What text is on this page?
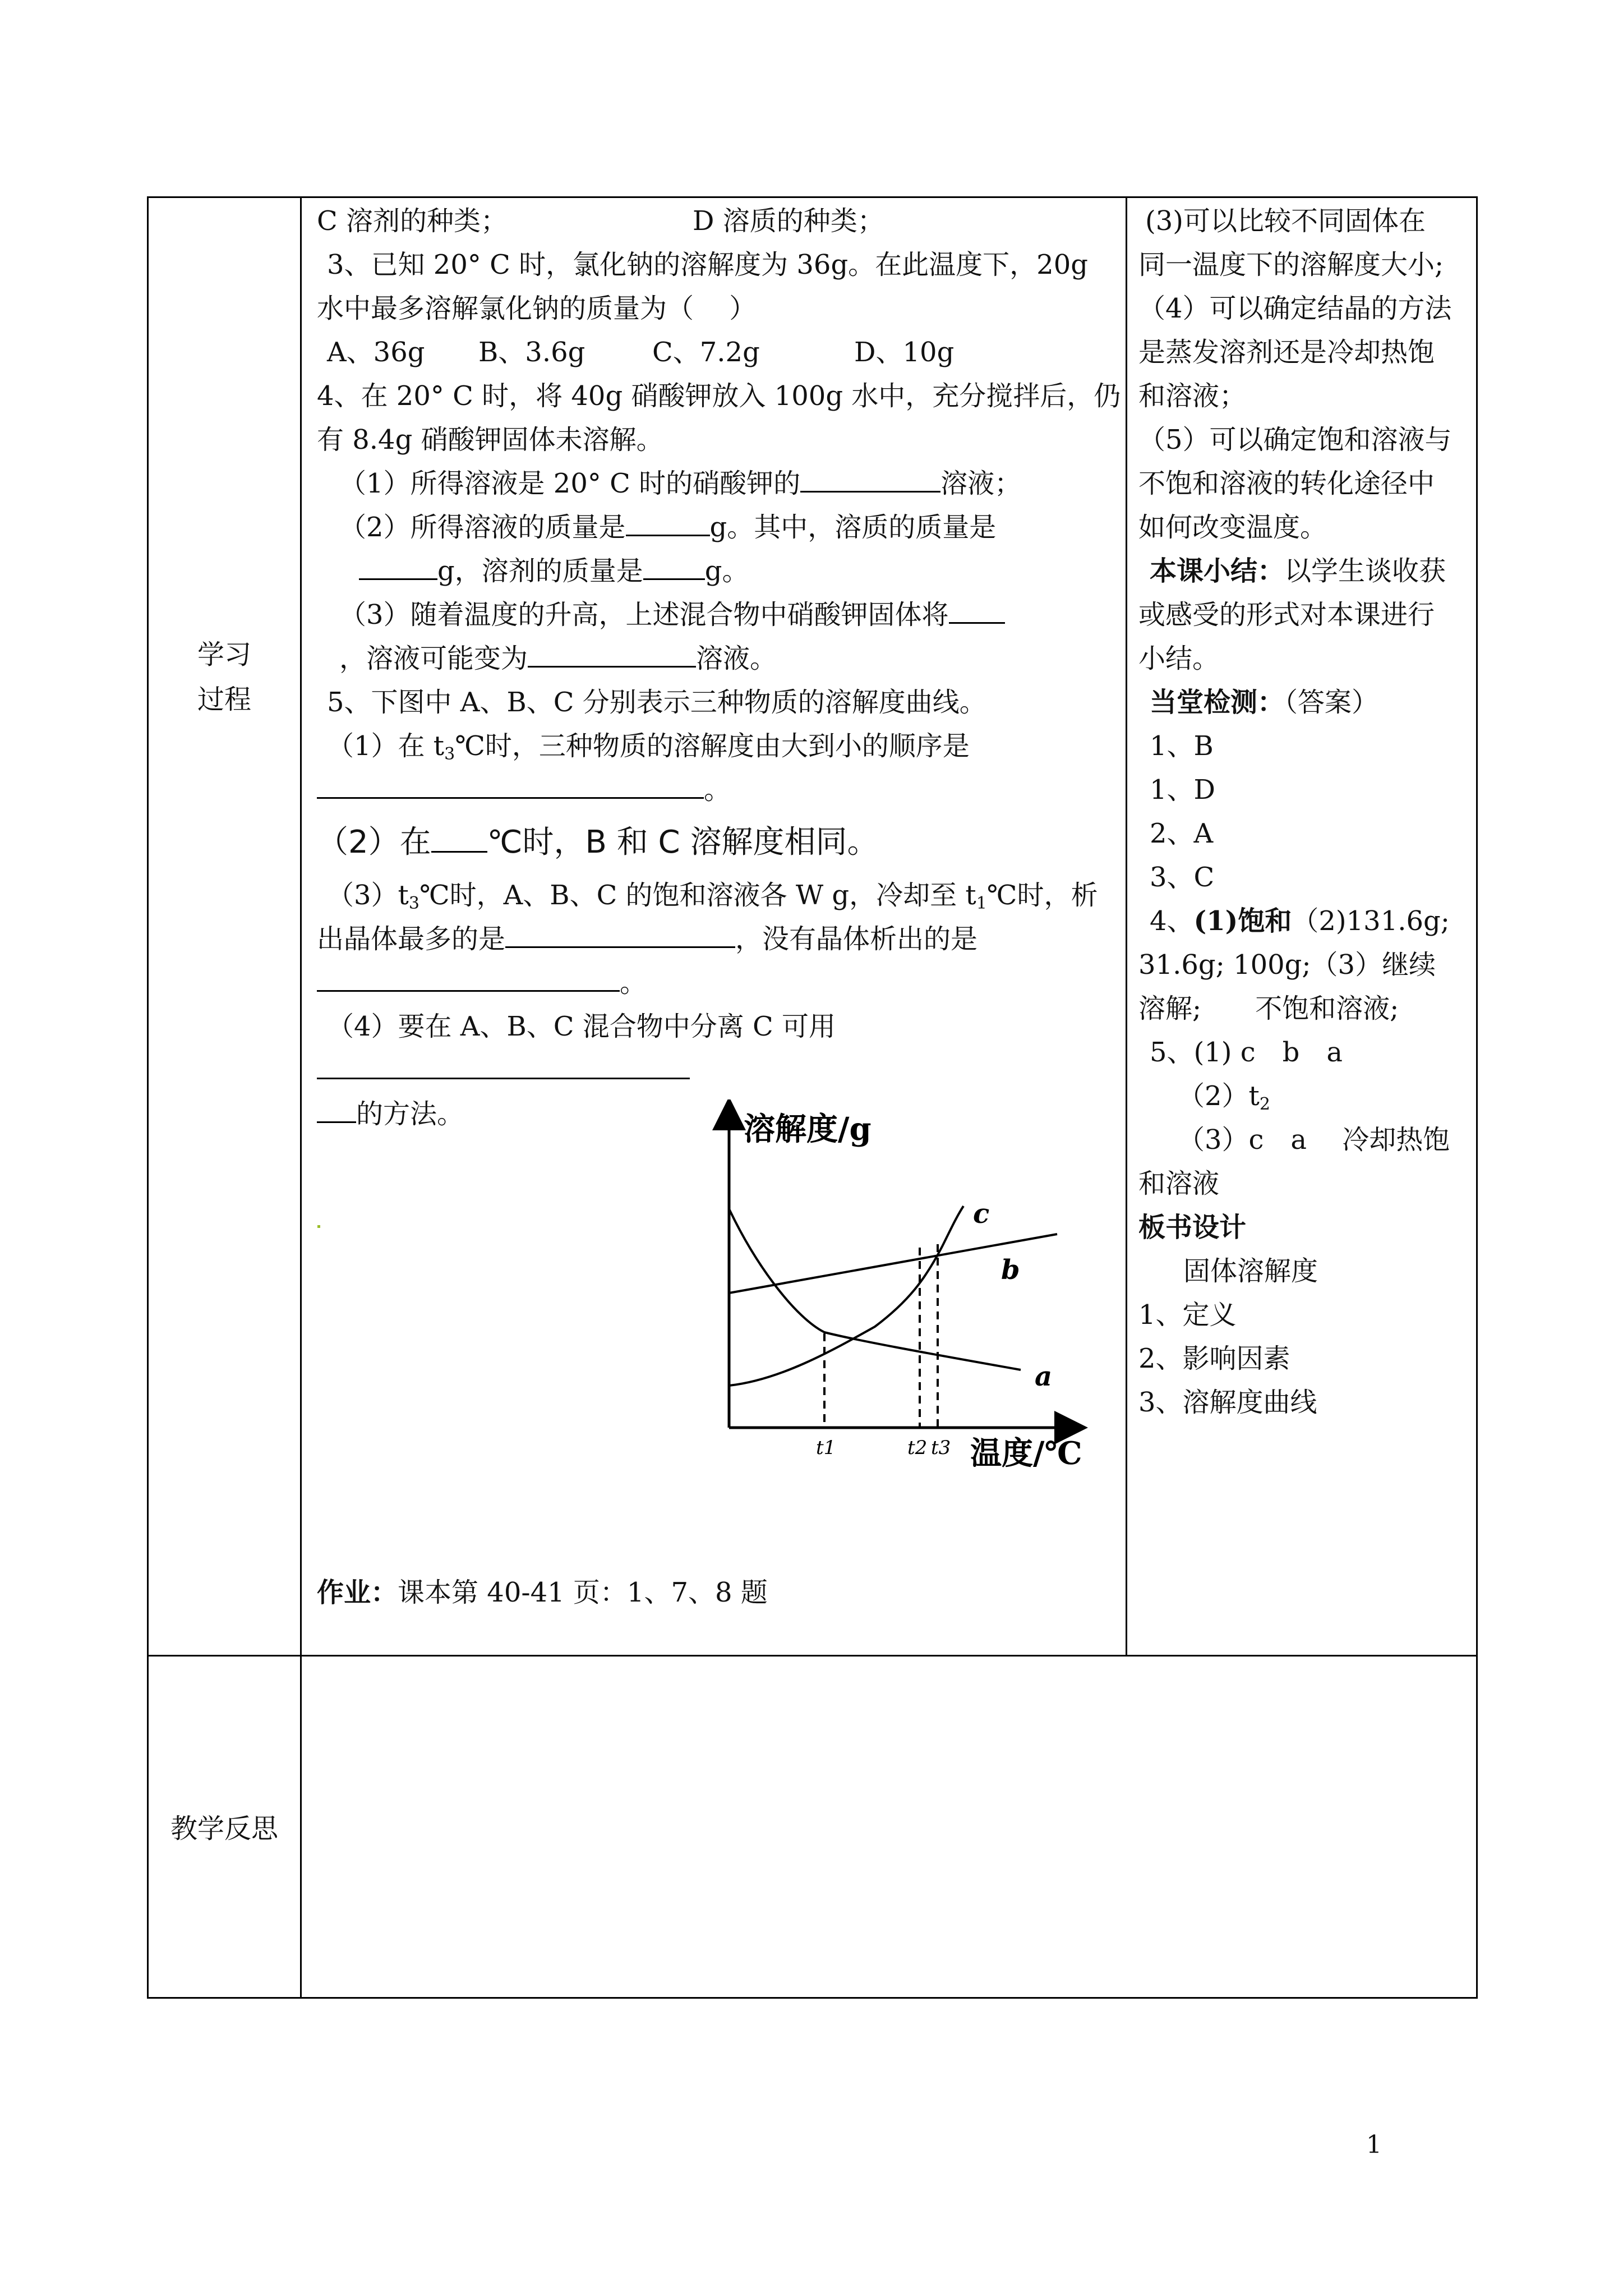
学习
过程
教学反思
C 溶剂的种类；	D 溶质的种类；
3、已知 20° C 时，氯化钠的溶解度为 36g。在此温度下，20g
水中最多溶解氯化钠的质量为（　 ）
A、36g B、3.6g C、7.2g	D、10g
4、在 20° C 时，将 40g 硝酸钾放入 100g 水中，充分搅拌后，仍
有 8.4g 硝酸钾固体未溶解。
（1）所得溶液是 20° C 时的硝酸钾的	溶液；
（2）所得溶液的质量是	g。其中，溶质的质量是
g，溶剂的质量是 g。
（3）随着温度的升高，上述混合物中硝酸钾固体将
，溶液可能变为	溶液。
5、下图中 A、B、C 分别表示三种物质的溶解度曲线。
（1）在 $t_3℃$时，三种物质的溶解度由大到小的顺序是
。
（2）在 ℃时，B 和 C 溶解度相同。
$(3)t_3℃$时，A、B、C 的饱和溶液各 W g，冷却至 $t_1℃$时，析
出晶体最多的是	，没有晶体析出的是
。
（4）要在 A、B、C 混合物中分离 C 可用
的方法。	溶解度/g
温度/℃
a
b
c
t1	t2 t3
作业：课本第 40-41 页：1、7、8 题
(3)可以比较不同固体在
同一温度下的溶解度大小;
（4）可以确定结晶的方法
是蒸发溶剂还是冷却热饱
和溶液；
（5）可以确定饱和溶液与
不饱和溶液的转化途径中
如何改变温度。
本课小结：以学生谈收获
或感受的形式对本课进行
小结。
当堂检测：（答案）
1、B
1、D
2、A
3、C
4、(1)饱和（2)131.6g;
31.6g; 100g;（3）继续
溶解;　　不饱和溶液;
5、(1) c　b　a
$(2)t_2$
（3）c　a　 冷却热饱
和溶液
板书设计
固体溶解度
1、定义
2、影响因素
3、溶解度曲线
1
